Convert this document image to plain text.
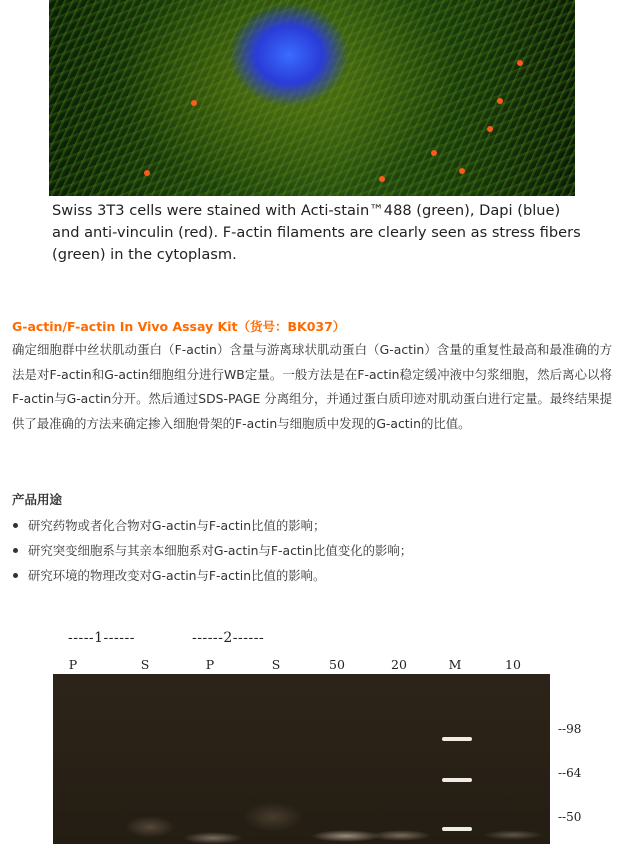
Swiss 3T3 cells were stained with Acti-stain™488 (green), Dapi (blue) and anti-vinculin (red). F-actin filaments are clearly seen as stress fibers (green) in the cytoplasm.
G-actin/F-actin In Vivo Assay Kit（货号：BK037）
确定细胞群中丝状肌动蛋白（F-actin）含量与游离球状肌动蛋白（G-actin）含量的重复性最高和最准确的方法是对F-actin和G-actin细胞组分进行WB定量。一般方法是在F-actin稳定缓冲液中匀浆细胞，然后离心以将F-actin与G-actin分开。然后通过SDS-PAGE 分离组分，并通过蛋白质印迹对肌动蛋白进行定量。最终结果提供了最准确的方法来确定掺入细胞骨架的F-actin与细胞质中发现的G-actin的比值。
产品用途
研究药物或者化合物对G-actin与F-actin比值的影响；
研究突变细胞系与其亲本细胞系对G-actin与F-actin比值变化的影响；
研究环境的物理改变对G-actin与F-actin比值的影响。
-----1------	------2------
P	S	P	S	50	20	M	10
--98
--64
--50
